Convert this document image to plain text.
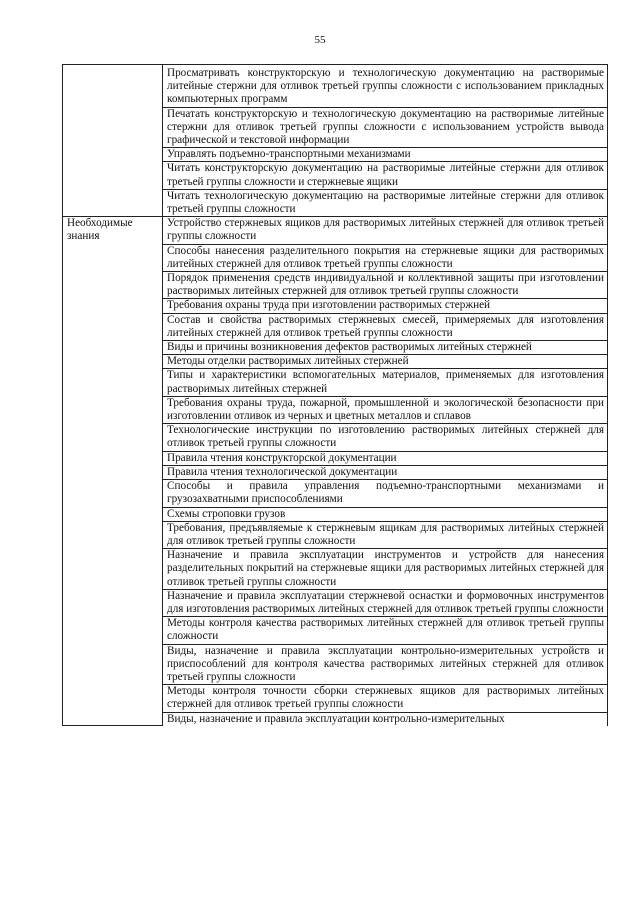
55
	Просматривать конструкторскую и технологическую документацию на растворимые литейные стержни для отливок третьей группы сложности с использованием прикладных компьютерных программ
	Печатать конструкторскую и технологическую документацию на растворимые литейные стержни для отливок третьей группы сложности с использованием устройств вывода графической и текстовой информации
	Управлять подъемно-транспортными механизмами
	Читать конструкторскую документацию на растворимые литейные стержни для отливок третьей группы сложности и стержневые ящики
	Читать технологическую документацию на растворимые литейные стержни для отливок третьей группы сложности
Необходимые знания	Устройство стержневых ящиков для растворимых литейных стержней для отливок третьей группы сложности
	Способы нанесения разделительного покрытия на стержневые ящики для растворимых литейных стержней для отливок третьей группы сложности
	Порядок применения средств индивидуальной и коллективной защиты при изготовлении растворимых литейных стержней для отливок третьей группы сложности
	Требования охраны труда при изготовлении растворимых стержней
	Состав и свойства растворимых стержневых смесей, примеряемых для изготовления литейных стержней для отливок третьей группы сложности
	Виды и причины возникновения дефектов растворимых литейных стержней
	Методы отделки растворимых литейных стержней
	Типы и характеристики вспомогательных материалов, применяемых для изготовления растворимых литейных стержней
	Требования охраны труда, пожарной, промышленной и экологической безопасности при изготовлении отливок из черных и цветных металлов и сплавов
	Технологические инструкции по изготовлению растворимых литейных стержней для отливок третьей группы сложности
	Правила чтения конструкторской документации
	Правила чтения технологической документации
	Способы и правила управления подъемно-транспортными механизмами и грузозахватными приспособлениями
	Схемы строповки грузов
	Требования, предъявляемые к стержневым ящикам для растворимых литейных стержней для отливок третьей группы сложности
	Назначение и правила эксплуатации инструментов и устройств для нанесения разделительных покрытий на стержневые ящики для растворимых литейных стержней для отливок третьей группы сложности
	Назначение и правила эксплуатации стержневой оснастки и формовочных инструментов для изготовления растворимых литейных стержней для отливок третьей группы сложности
	Методы контроля качества растворимых литейных стержней для отливок третьей группы сложности
	Виды, назначение и правила эксплуатации контрольно-измерительных устройств и приспособлений для контроля качества растворимых литейных стержней для отливок третьей группы сложности
	Методы контроля точности сборки стержневых ящиков для растворимых литейных стержней для отливок третьей группы сложности
	Виды, назначение и правила эксплуатации контрольно-измерительных
